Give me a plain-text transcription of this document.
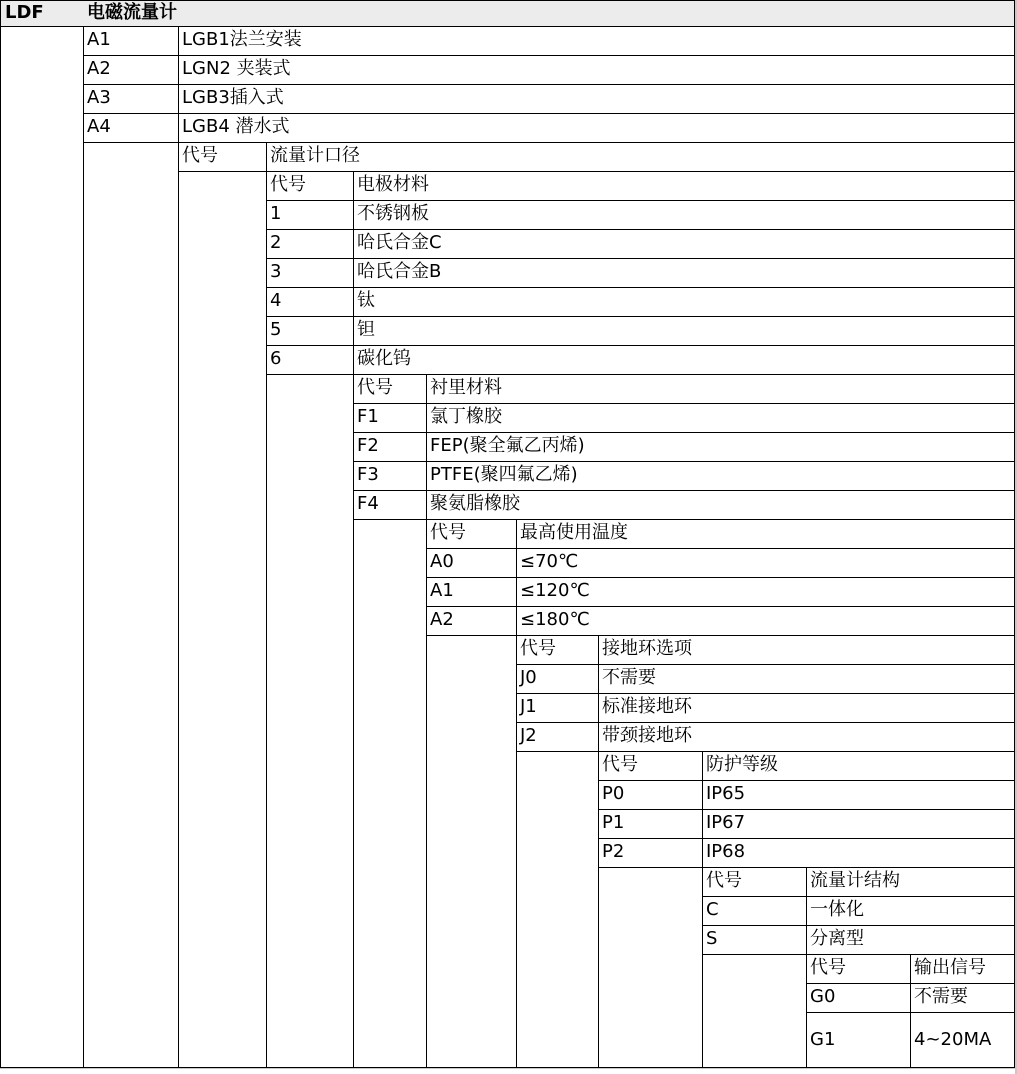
LDF	电磁流量计
A1	LGB1法兰安装
A2	LGN2 夹装式
A3	LGB3插入式
A4	LGB4 潜水式
代号	流量计口径
代号	电极材料
1	不锈钢板
2	哈氏合金C
3	哈氏合金B
4	钛
5	钽
6	碳化钨
代号	衬里材料
F1	氯丁橡胶
F2	FEP(聚全氟乙丙烯)
F3	PTFE(聚四氟乙烯)
F4	聚氨脂橡胶
代号	最高使用温度
A0	≤70℃
A1	≤120℃
A2	≤180℃
代号	接地环选项
J0	不需要
J1	标准接地环
J2	带颈接地环
代号	防护等级
P0	IP65
P1	IP67
P2	IP68
代号	流量计结构
C	一体化
S	分离型
代号	输出信号
G0	不需要
G1	4~20MA
